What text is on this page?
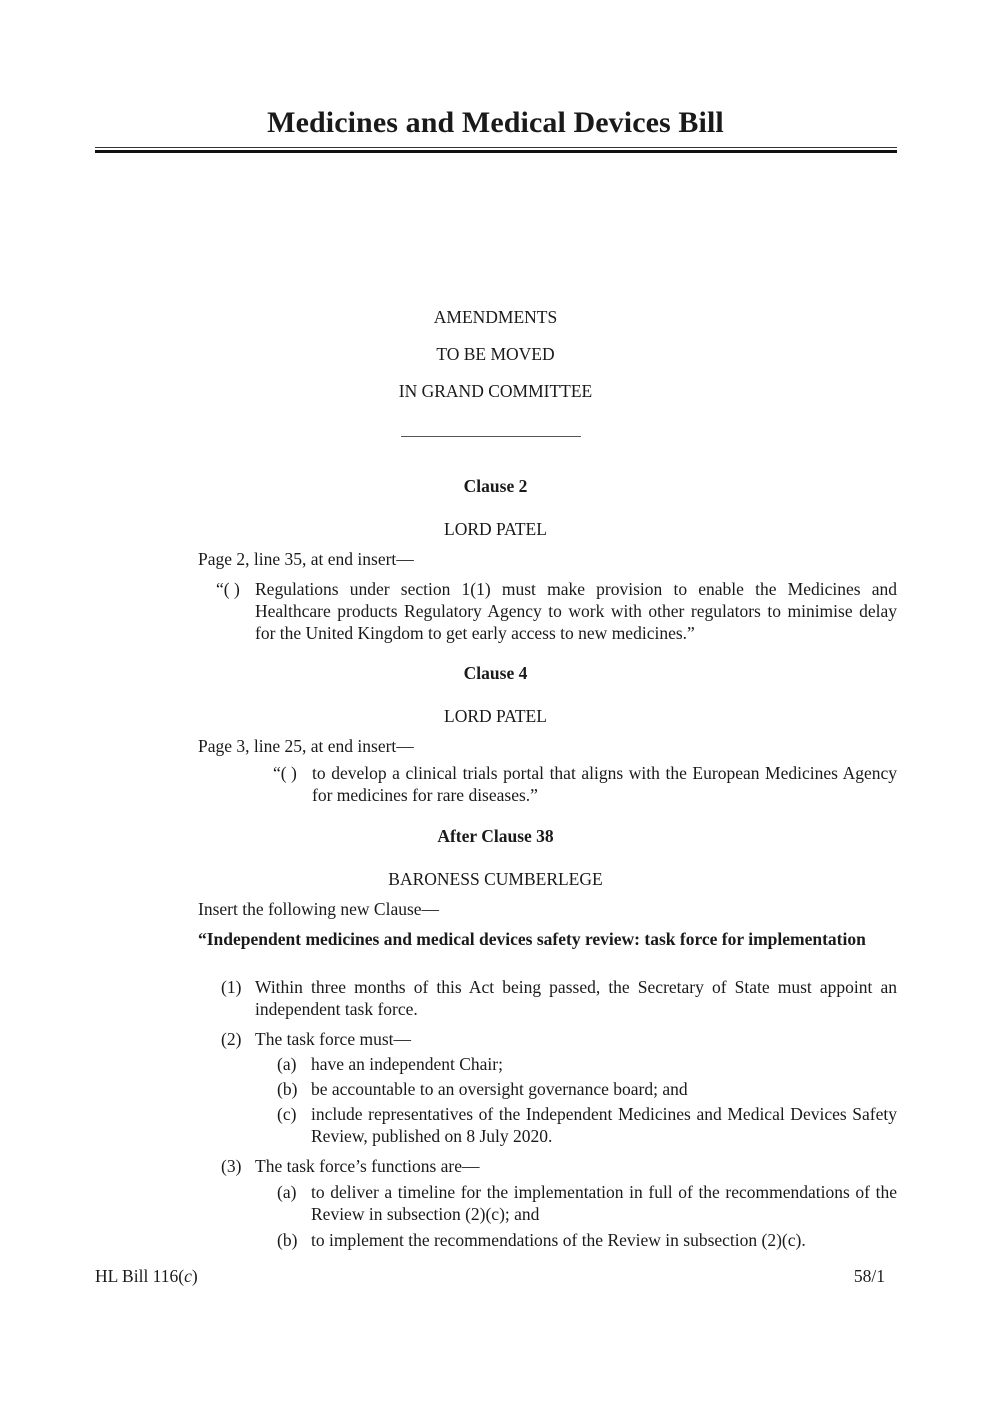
Medicines and Medical Devices Bill
AMENDMENTS
TO BE MOVED
IN GRAND COMMITTEE
Clause 2
LORD PATEL
Page 2, line 35, at end insert—
“( ) Regulations under section 1(1) must make provision to enable the Medicines and Healthcare products Regulatory Agency to work with other regulators to minimise delay for the United Kingdom to get early access to new medicines.”
Clause 4
LORD PATEL
Page 3, line 25, at end insert—
“( ) to develop a clinical trials portal that aligns with the European Medicines Agency for medicines for rare diseases.”
After Clause 38
BARONESS CUMBERLEGE
Insert the following new Clause—
“Independent medicines and medical devices safety review: task force for implementation
(1) Within three months of this Act being passed, the Secretary of State must appoint an independent task force.
(2) The task force must—
(a) have an independent Chair;
(b) be accountable to an oversight governance board; and
(c) include representatives of the Independent Medicines and Medical Devices Safety Review, published on 8 July 2020.
(3) The task force’s functions are—
(a) to deliver a timeline for the implementation in full of the recommendations of the Review in subsection (2)(c); and
(b) to implement the recommendations of the Review in subsection (2)(c).
HL Bill 116(c)	58/1
